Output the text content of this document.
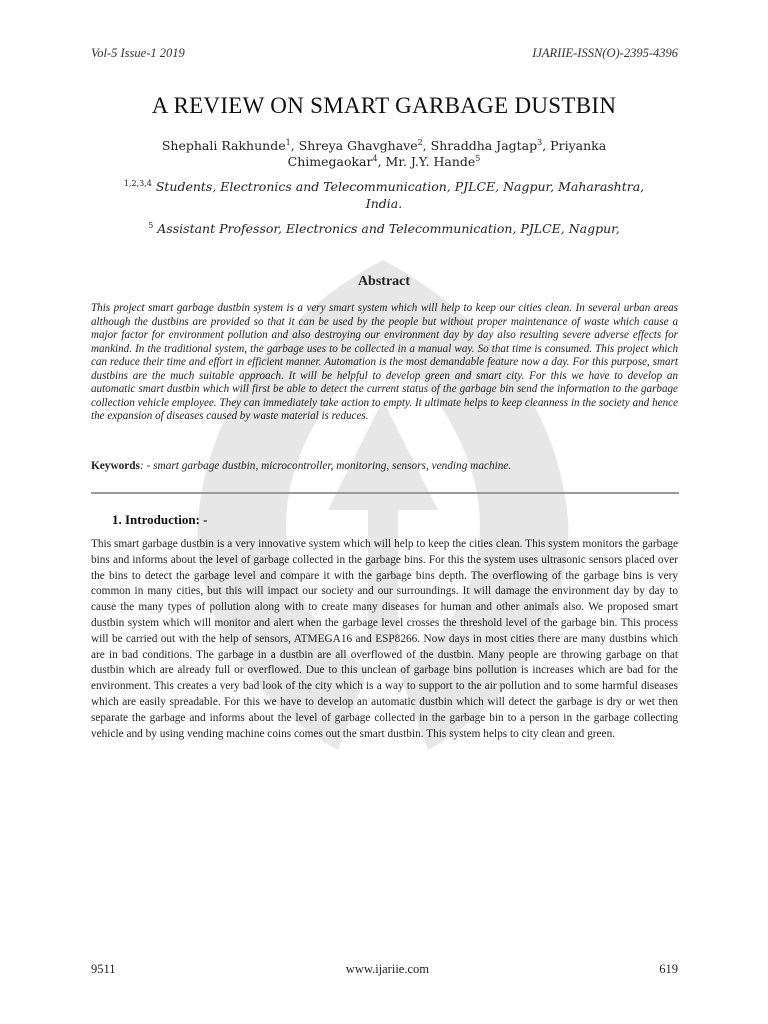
Vol-5 Issue-1 2019	IJARIIE-ISSN(O)-2395-4396
A REVIEW ON SMART GARBAGE DUSTBIN
Shephali Rakhunde$^1$, Shreya Ghavghave$^2$, Shraddha Jagtap$^3$, Priyanka Chimegaokar$^4$, Mr. J.Y. Hande$^5$
$^{1,2,3,4}$ Students, Electronics and Telecommunication, PJLCE, Nagpur, Maharashtra, India.
$^5$ Assistant Professor, Electronics and Telecommunication, PJLCE, Nagpur,
Abstract
This project smart garbage dustbin system is a very smart system which will help to keep our cities clean. In several urban areas although the dustbins are provided so that it can be used by the people but without proper maintenance of waste which cause a major factor for environment pollution and also destroying our environment day by day also resulting severe adverse effects for mankind. In the traditional system, the garbage uses to be collected in a manual way. So that time is consumed. This project which can reduce their time and effort in efficient manner. Automation is the most demandable feature now a day. For this purpose, smart dustbins are the much suitable approach. It will be helpful to develop green and smart city. For this we have to develop an automatic smart dustbin which will first be able to detect the current status of the garbage bin send the information to the garbage collection vehicle employee. They can immediately take action to empty. It ultimate helps to keep cleanness in the society and hence the expansion of diseases caused by waste material is reduces.
Keywords: - smart garbage dustbin, microcontroller, monitoring, sensors, vending machine.
1. Introduction: -
This smart garbage dustbin is a very innovative system which will help to keep the cities clean. This system monitors the garbage bins and informs about the level of garbage collected in the garbage bins. For this the system uses ultrasonic sensors placed over the bins to detect the garbage level and compare it with the garbage bins depth. The overflowing of the garbage bins is very common in many cities, but this will impact our society and our surroundings. It will damage the environment day by day to cause the many types of pollution along with to create many diseases for human and other animals also. We proposed smart dustbin system which will monitor and alert when the garbage level crosses the threshold level of the garbage bin. This process will be carried out with the help of sensors, ATMEGA16 and ESP8266. Now days in most cities there are many dustbins which are in bad conditions. The garbage in a dustbin are all overflowed of the dustbin. Many people are throwing garbage on that dustbin which are already full or overflowed. Due to this unclean of garbage bins pollution is increases which are bad for the environment. This creates a very bad look of the city which is a way to support to the air pollution and to some harmful diseases which are easily spreadable. For this we have to develop an automatic dustbin which will detect the garbage is dry or wet then separate the garbage and informs about the level of garbage collected in the garbage bin to a person in the garbage collecting vehicle and by using vending machine coins comes out the smart dustbin. This system helps to city clean and green.
9511	www.ijariie.com	619
